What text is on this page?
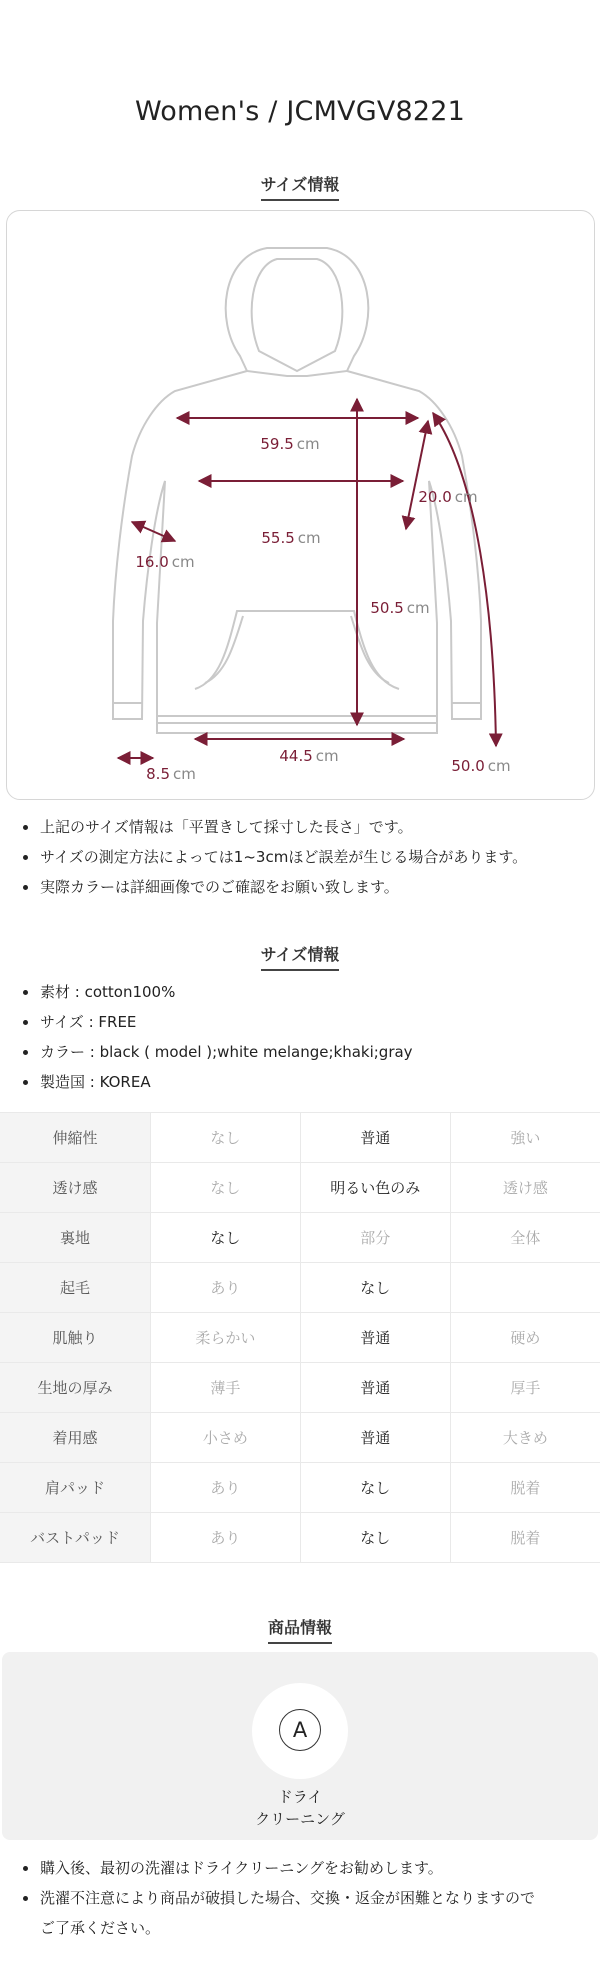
Women's / JCMVGV8221
サイズ情報
59.5 cm
55.5 cm
16.0 cm
20.0 cm
50.5 cm
44.5 cm
8.5 cm	50.0 cm
上記のサイズ情報は「平置きして採寸した長さ」です。
サイズの測定方法によっては1~3cmほど誤差が生じる場合があります。
実際カラーは詳細画像でのご確認をお願い致します。
サイズ情報
素材 : cotton100%
サイズ : FREE
カラー : black ( model );white melange;khaki;gray
製造国 : KOREA
伸縮性	なし	普通	強い
透け感	なし	明るい色のみ	透け感
裏地	なし	部分	全体
起毛	あり	なし	
肌触り	柔らかい	普通	硬め
生地の厚み	薄手	普通	厚手
着用感	小さめ	普通	大きめ
肩パッド	あり	なし	脱着
バストパッド	あり	なし	脱着
商品情報
A
ドライ
クリーニング
購入後、最初の洗濯はドライクリーニングをお勧めします。
洗濯不注意により商品が破損した場合、交換・返金が困難となりますので
ご了承ください。
